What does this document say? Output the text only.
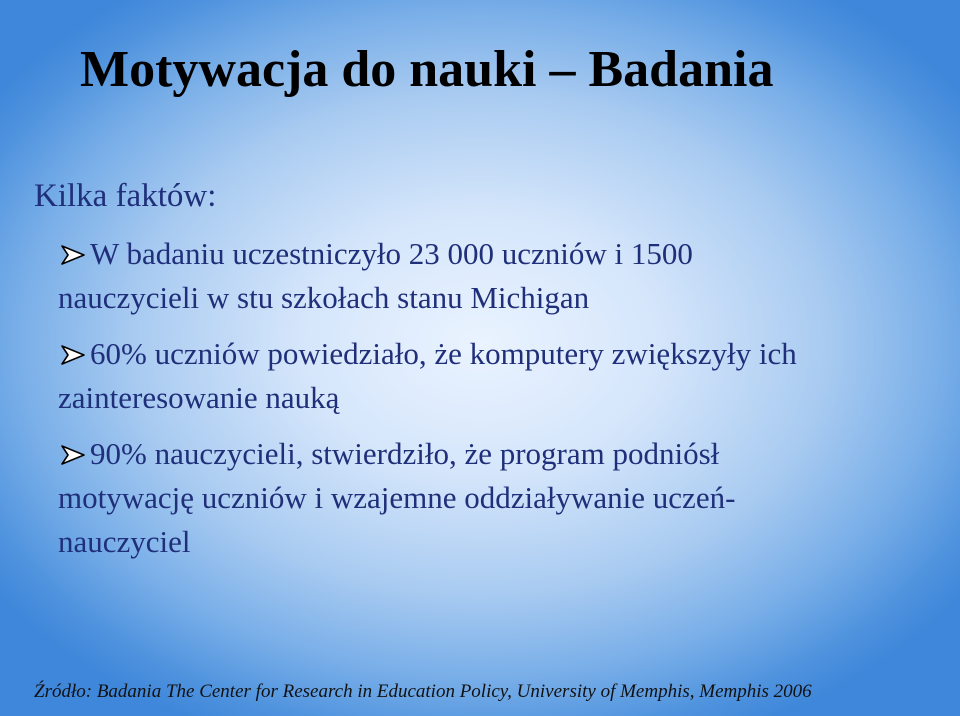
Motywacja do nauki – Badania

Kilka faktów:

W badaniu uczestniczyło 23 000 uczniów i 1500
nauczycieli w stu szkołach stanu Michigan
60% uczniów powiedziało, że komputery zwiększyły ich
zainteresowanie nauką
90% nauczycieli, stwierdziło, że program podniósł
motywację uczniów i wzajemne oddziaływanie uczeń-
nauczyciel

Źródło: Badania The Center for Research in Education Policy, University of Memphis, Memphis 2006
